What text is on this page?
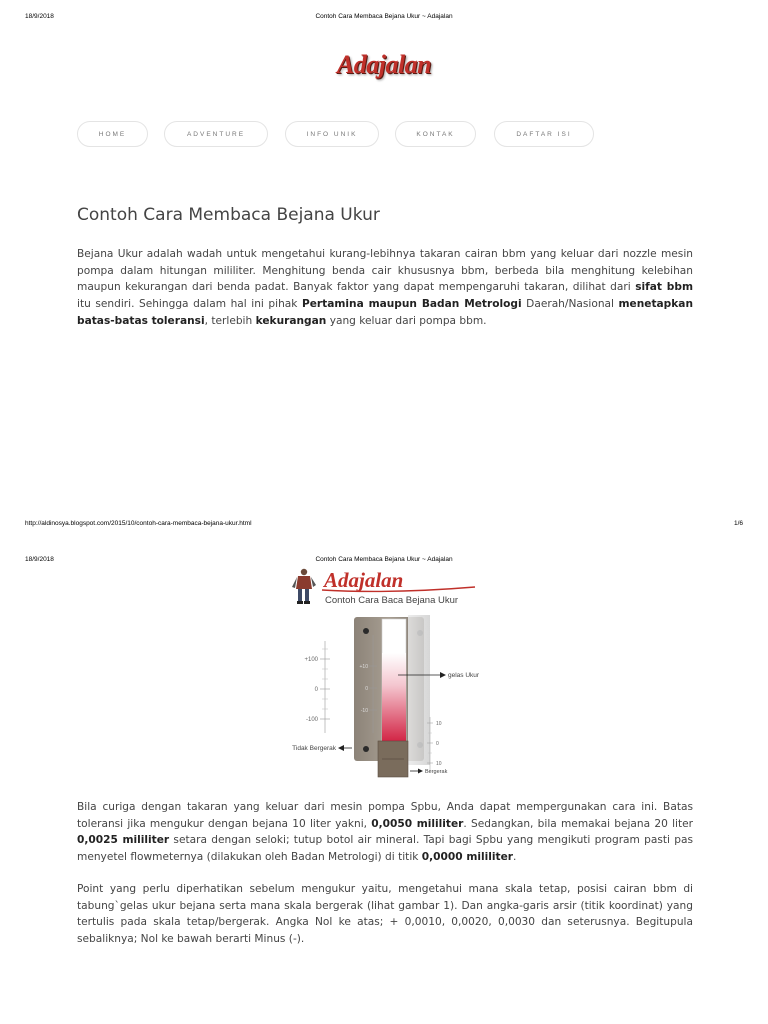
18/9/2018	Contoh Cara Membaca Bejana Ukur ~ Adajalan
Adajalan
HOME	ADVENTURE	INFO UNIK	KONTAK	DAFTAR ISI
Contoh Cara Membaca Bejana Ukur

Bejana Ukur adalah wadah untuk mengetahui kurang-lebihnya takaran cairan bbm yang keluar dari nozzle mesin pompa dalam hitungan mililiter. Menghitung benda cair khususnya bbm, berbeda bila menghitung kelebihan maupun kekurangan dari benda padat. Banyak faktor yang dapat mempengaruhi takaran, dilihat dari sifat bbm itu sendiri. Sehingga dalam hal ini pihak Pertamina maupun Badan Metrologi Daerah/Nasional menetapkan batas-batas toleransi, terlebih kekurangan yang keluar dari pompa bbm.

http://aldinosya.blogspot.com/2015/10/contoh-cara-membaca-bejana-ukur.html	1/6
18/9/2018	Contoh Cara Membaca Bejana Ukur ~ Adajalan
Adajalan
Contoh Cara Baca Bejana Ukur
+100
0
-100
+10
0
-10
10
0
10
gelas Ukur
Tidak Bergerak
Bergerak

Bila curiga dengan takaran yang keluar dari mesin pompa Spbu, Anda dapat mempergunakan cara ini. Batas toleransi jika mengukur dengan bejana 10 liter yakni, 0,0050 mililiter. Sedangkan, bila memakai bejana 20 liter 0,0025 mililiter setara dengan seloki; tutup botol air mineral. Tapi bagi Spbu yang mengikuti program pasti pas menyetel flowmeternya (dilakukan oleh Badan Metrologi) di titik 0,0000 mililiter.

Point yang perlu diperhatikan sebelum mengukur yaitu, mengetahui mana skala tetap, posisi cairan bbm di tabung`gelas ukur bejana serta mana skala bergerak (lihat gambar 1). Dan angka-garis arsir (titik koordinat) yang tertulis pada skala tetap/bergerak. Angka Nol ke atas; + 0,0010, 0,0020, 0,0030 dan seterusnya. Begitupula sebaliknya; Nol ke bawah berarti Minus (-).
